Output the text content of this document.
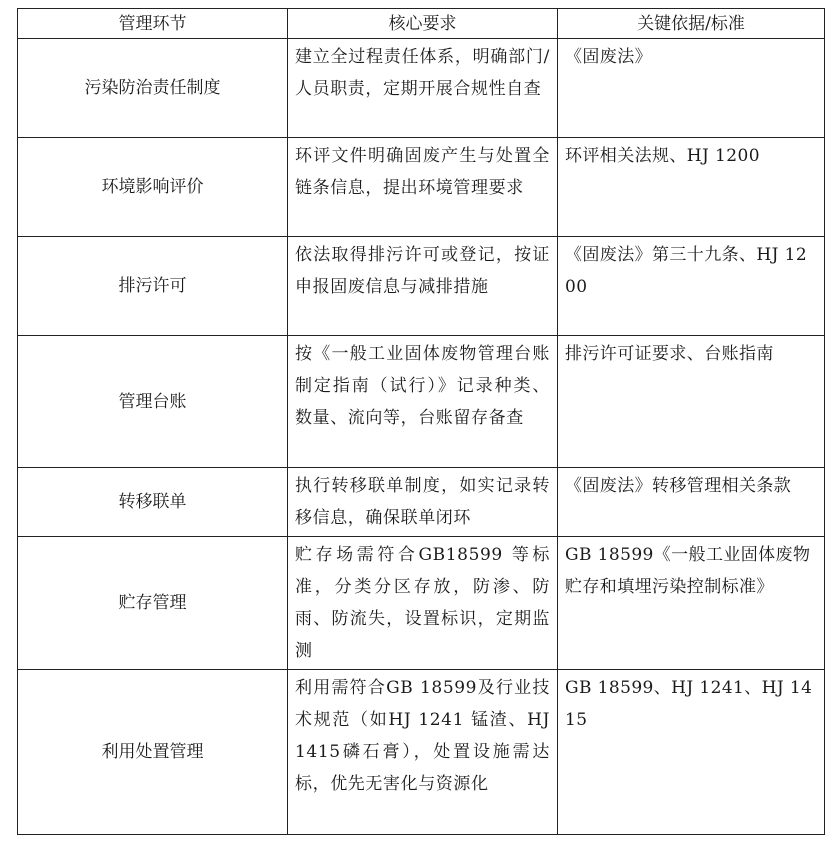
管理环节	核心要求	关键依据/标准
污染防治责任制度	建立全过程责任体系，明确部门/人员职责，定期开展合规性自查	《固废法》
环境影响评价	环评文件明确固废产生与处置全链条信息，提出环境管理要求	环评相关法规、HJ 1200
排污许可	依法取得排污许可或登记，按证申报固废信息与减排措施	《固废法》第三十九条、HJ 1200
管理台账	按《一般工业固体废物管理台账制定指南（试行）》记录种类、数量、流向等，台账留存备查	排污许可证要求、台账指南
转移联单	执行转移联单制度，如实记录转移信息，确保联单闭环	《固废法》转移管理相关条款
贮存管理	贮存场需符合GB18599 等标准，分类分区存放，防渗、防雨、防流失，设置标识，定期监测	GB 18599《一般工业固体废物贮存和填埋污染控制标准》
利用处置管理	利用需符合GB 18599及行业技术规范（如HJ 1241 锰渣、HJ 1415磷石膏），处置设施需达标，优先无害化与资源化	GB 18599、HJ 1241、HJ 1415
